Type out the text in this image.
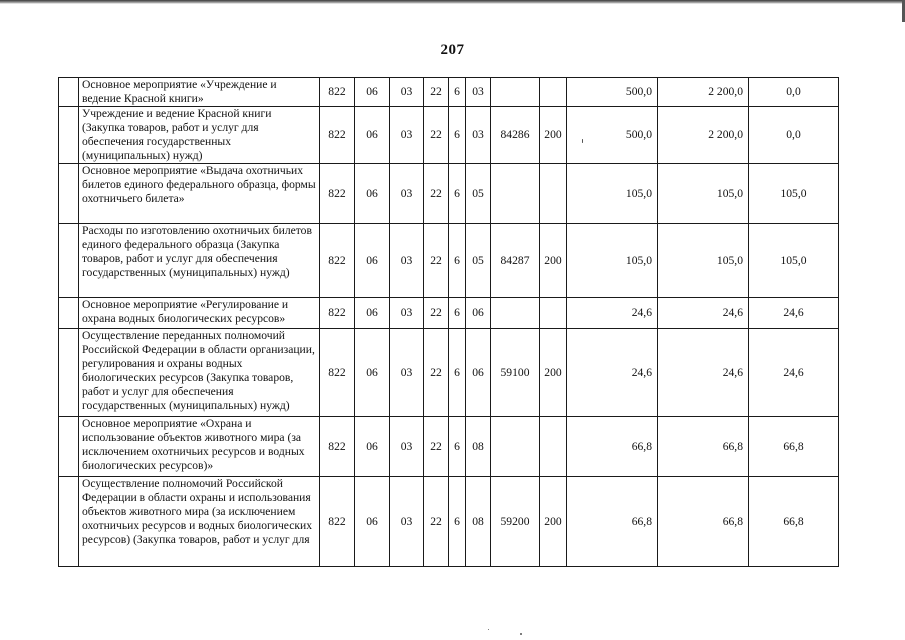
207
	Основное мероприятие «Учреждение и ведение Красной книги»	822	06	03	22	6	03			500,0	2 200,0	0,0
	Учреждение и ведение Красной книги (Закупка товаров, работ и услуг для обеспечения государственных (муниципальных) нужд)	822	06	03	22	6	03	84286	200	500,0	2 200,0	0,0
	Основное мероприятие «Выдача охотничьих билетов единого федерального образца, формы охотничьего билета»	822	06	03	22	6	05			105,0	105,0	105,0
	Расходы по изготовлению охотничьих билетов единого федерального образца (Закупка товаров, работ и услуг для обеспечения государственных (муниципальных) нужд)	822	06	03	22	6	05	84287	200	105,0	105,0	105,0
	Основное мероприятие «Регулирование и охрана водных биологических ресурсов»	822	06	03	22	6	06			24,6	24,6	24,6
	Осуществление переданных полномочий Российской Федерации в области организации, регулирования и охраны водных биологических ресурсов (Закупка товаров, работ и услуг для обеспечения государственных (муниципальных) нужд)	822	06	03	22	6	06	59100	200	24,6	24,6	24,6
	Основное мероприятие «Охрана и использование объектов животного мира (за исключением охотничьих ресурсов и водных биологических ресурсов)»	822	06	03	22	6	08			66,8	66,8	66,8
	Осуществление полномочий Российской Федерации в области охраны и использования объектов животного мира (за исключением охотничьих ресурсов и водных биологических ресурсов) (Закупка товаров, работ и услуг для	822	06	03	22	6	08	59200	200	66,8	66,8	66,8
